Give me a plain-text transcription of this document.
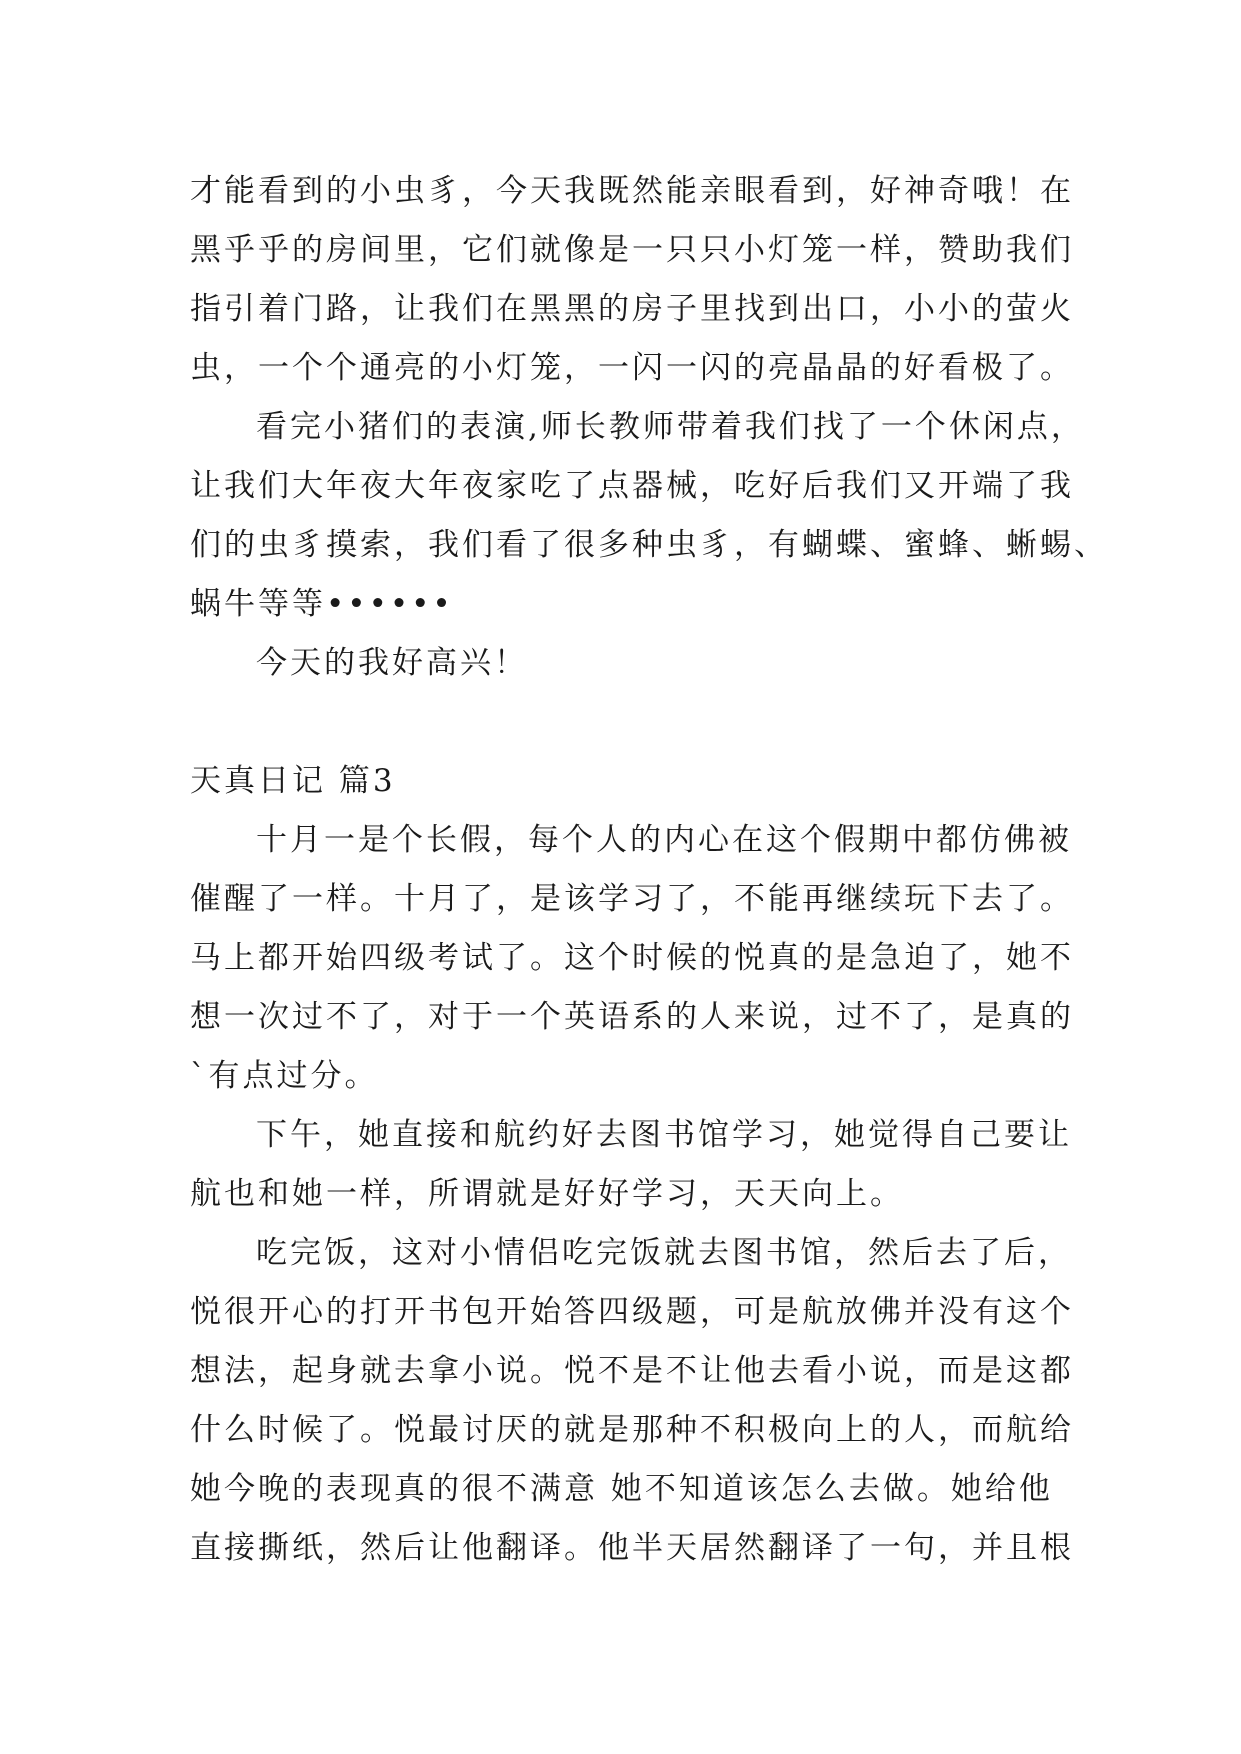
才能看到的小虫豸，今天我既然能亲眼看到，好神奇哦！在
黑乎乎的房间里，它们就像是一只只小灯笼一样，赞助我们
指引着门路，让我们在黑黑的房子里找到出口，小小的萤火
虫，一个个通亮的小灯笼，一闪一闪的亮晶晶的好看极了。
看完小猪们的表演,师长教师带着我们找了一个休闲点，
让我们大年夜大年夜家吃了点器械，吃好后我们又开端了我
们的虫豸摸索，我们看了很多种虫豸，有蝴蝶、蜜蜂、蜥蜴、
蜗牛等等••••••
今天的我好高兴！
天真日记 篇3
十月一是个长假，每个人的内心在这个假期中都仿佛被
催醒了一样。十月了，是该学习了，不能再继续玩下去了。
马上都开始四级考试了。这个时候的悦真的是急迫了，她不
想一次过不了，对于一个英语系的人来说，过不了，是真的
`有点过分。
下午，她直接和航约好去图书馆学习，她觉得自己要让
航也和她一样，所谓就是好好学习，天天向上。
吃完饭，这对小情侣吃完饭就去图书馆，然后去了后，
悦很开心的打开书包开始答四级题，可是航放佛并没有这个
想法，起身就去拿小说。悦不是不让他去看小说，而是这都
什么时候了。悦最讨厌的就是那种不积极向上的人，而航给
她今晚的表现真的很不满意 她不知道该怎么去做。她给他
直接撕纸，然后让他翻译。他半天居然翻译了一句，并且根
